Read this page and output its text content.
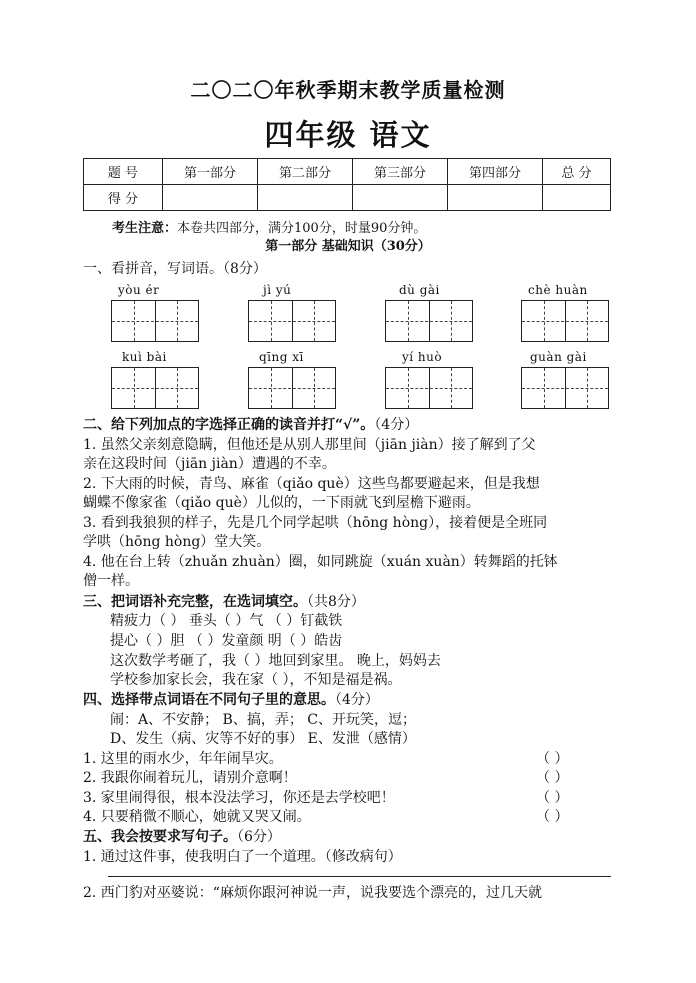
二〇二〇年秋季期末教学质量检测
四年级 语文
题 号	第一部分	第二部分	第三部分	第四部分	总 分
得 分					
考生注意：本卷共四部分，满分100分，时量90分钟。
第一部分 基础知识（30分）
一、看拼音，写词语。（8分）
yòu ér	jì yú	dù gài	chè huàn
kuì bài	qīng xī	yí huò	guàn gài
二、给下列加点的字选择正确的读音并打“√”。（4分）
1. 虽然父亲刻意隐瞒，但他还是从别人那里间（jiān jiàn）接了解到了父
亲在这段时间（jiān jiàn）遭遇的不幸。
2. 下大雨的时候，青鸟、麻雀（qiǎo què）这些鸟都要避起来，但是我想
蝴蝶不像家雀（qiǎo què）儿似的，一下雨就飞到屋檐下避雨。
3. 看到我狼狈的样子，先是几个同学起哄（hōng hòng），接着便是全班同
学哄（hōng hòng）堂大笑。
4. 他在台上转（zhuǎn zhuàn）圈，如同跳旋（xuán xuàn）转舞蹈的托钵
僧一样。
三、把词语补充完整，在选词填空。（共8分）
精疲力（ ） 垂头（ ）气 （ ）钉截铁
提心（ ）胆 （ ）发童颜 明（ ）皓齿
这次数学考砸了，我（ ）地回到家里。 晚上，妈妈去
学校参加家长会，我在家（ ），不知是福是祸。
四、选择带点词语在不同句子里的意思。（4分）
闹：A、不安静； B、搞，弄； C、开玩笑，逗；
D、发生（病、灾等不好的事） E、发泄（感情）
1. 这里的雨水少，年年闹旱灾。	（ ）
2. 我跟你闹着玩儿，请别介意啊！	（ ）
3. 家里闹得很，根本没法学习，你还是去学校吧！	（ ）
4. 只要稍微不顺心，她就又哭又闹。	（ ）
五、我会按要求写句子。（6分）
1. 通过这件事，使我明白了一个道理。（修改病句）
2. 西门豹对巫婆说：“麻烦你跟河神说一声，说我要选个漂亮的，过几天就
